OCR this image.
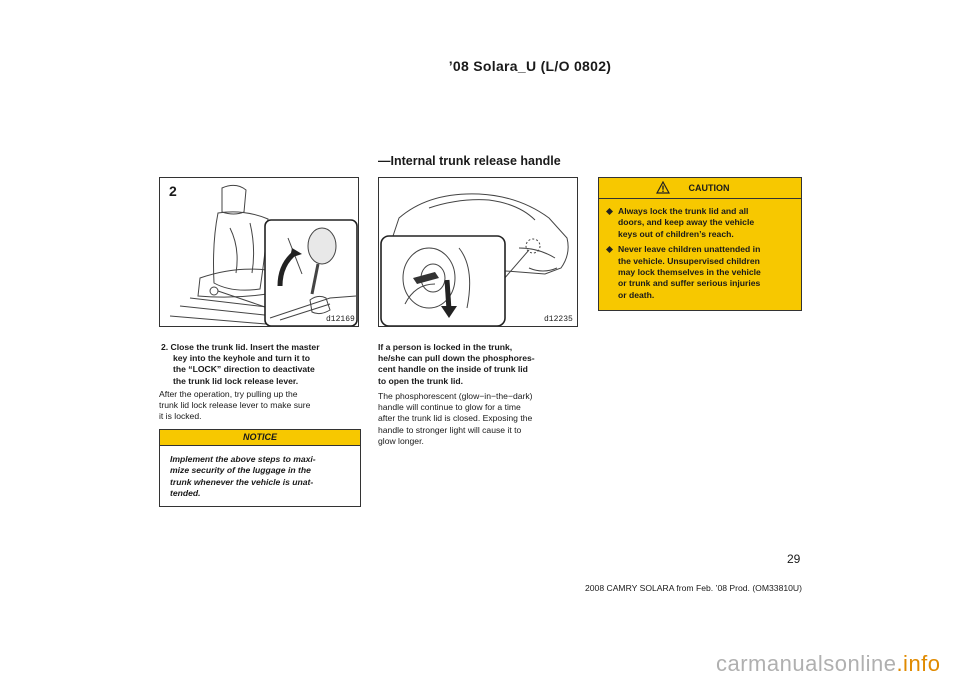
’08 Solara_U (L/O 0802)
—Internal trunk release handle
2
d12169
2. Close the trunk lid. Insert the master
key into the keyhole and turn it to
the “LOCK” direction to deactivate
the trunk lid lock release lever.
After the operation, try pulling up the
trunk lid lock release lever to make sure
it is locked.
NOTICE
Implement the above steps to maxi-
mize security of the luggage in the
trunk whenever the vehicle is unat-
tended.
d12235
If a person is locked in the trunk,
he/she can pull down the phosphores-
cent handle on the inside of trunk lid
to open the trunk lid.
The phosphorescent (glow−in−the−dark)
handle will continue to glow for a time
after the trunk lid is closed. Exposing the
handle to stronger light will cause it to
glow longer.
CAUTION
Always lock the trunk lid and all
doors, and keep away the vehicle
keys out of children’s reach.
Never leave children unattended in
the vehicle. Unsupervised children
may lock themselves in the vehicle
or trunk and suffer serious injuries
or death.
29
2008 CAMRY SOLARA from Feb. ’08 Prod. (OM33810U)
carmanualsonline.info
